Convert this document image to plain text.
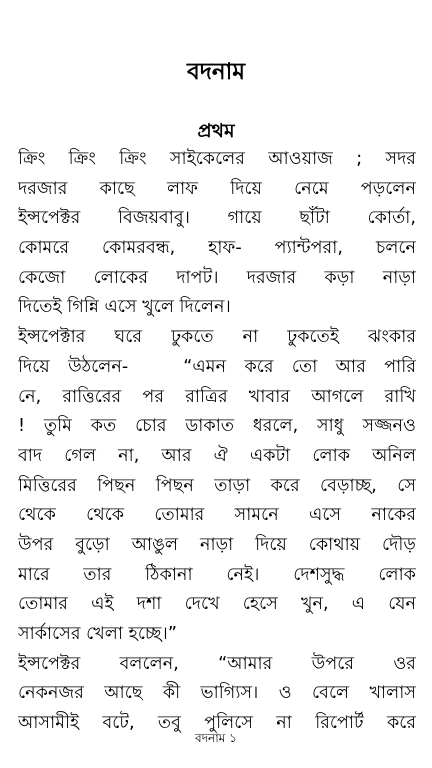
বদনাম
প্রথম
ক্রিং ক্রিং ক্রিং সাইকেলের আওয়াজ ; সদর
দরজার কাছে লাফ দিয়ে নেমে পড়লেন
ইন্সপেক্টর বিজয়বাবু। গায়ে ছাঁটা কোর্তা,
কোমরে কোমরবন্ধ, হাফ- প্যান্টপরা, চলনে
কেজো লোকের দাপট। দরজার কড়া নাড়া
দিতেই গিন্নি এসে খুলে দিলেন।
ইন্সপেক্টার ঘরে ঢুকতে না ঢুকতেই ঝংকার
দিয়ে উঠলেন-   “এমন করে তো আর পারি
নে, রাত্তিরের পর রাত্রির খাবার আগলে রাখি
! তুমি কত চোর ডাকাত ধরলে, সাধু সজ্জনও
বাদ গেল না, আর ঐ একটা লোক অনিল
মিত্তিরের পিছন পিছন তাড়া করে বেড়াচ্ছ, সে
থেকে থেকে তোমার সামনে এসে নাকের
উপর বুড়ো আঙুল নাড়া দিয়ে কোথায় দৌড়
মারে তার ঠিকানা নেই। দেশসুদ্ধ লোক
তোমার এই দশা দেখে হেসে খুন, এ যেন
সার্কাসের খেলা হচ্ছে।”
ইন্সপেক্টর বললেন, “আমার উপরে ওর
নেকনজর আছে কী ভাগ্যিস। ও বেলে খালাস
আসামীই বটে, তবু পুলিসে না রিপোর্ট করে
বদনাম ১
